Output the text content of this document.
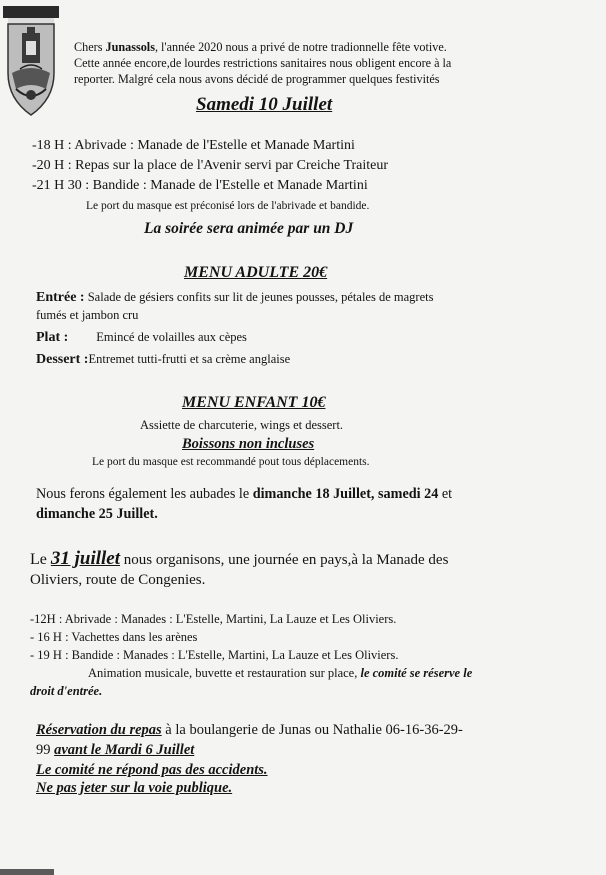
Chers Junassols, l'année 2020 nous a privé de notre tradionnelle fête votive.
Cette année encore,de lourdes restrictions sanitaires nous obligent encore à la
reporter. Malgré cela nous avons décidé de programmer quelques festivités
Samedi 10 Juillet
-18 H : Abrivade : Manade de l'Estelle et Manade Martini
-20 H : Repas sur la place de l'Avenir servi par Creiche Traiteur
-21 H 30 : Bandide : Manade de l'Estelle et Manade Martini
Le port du masque est préconisé lors de l'abrivade et bandide.
La soirée sera animée par un DJ
MENU ADULTE 20€
Entrée : Salade de gésiers confits sur lit de jeunes pousses, pétales de magrets
fumés et jambon cru
Plat : Emincé de volailles aux cèpes
Dessert :Entremet tutti-frutti et sa crème anglaise
MENU ENFANT 10€
Assiette de charcuterie, wings et dessert.
Boissons non incluses
Le port du masque est recommandé pout tous déplacements.
Nous ferons également les aubades le dimanche 18 Juillet, samedi 24 et
dimanche 25 Juillet.
Le 31 juillet nous organisons, une journée en pays,à la Manade des
Oliviers, route de Congenies.
-12H : Abrivade : Manades : L'Estelle, Martini, La Lauze et Les Oliviers.
- 16 H : Vachettes dans les arènes
- 19 H : Bandide : Manades : L'Estelle, Martini, La Lauze et Les Oliviers.
Animation musicale, buvette et restauration sur place, le comité se réserve le
droit d'entrée.
Réservation du repas à la boulangerie de Junas ou Nathalie 06-16-36-29-
99 avant le Mardi 6 Juillet
Le comité ne répond pas des accidents.
Ne pas jeter sur la voie publique.
